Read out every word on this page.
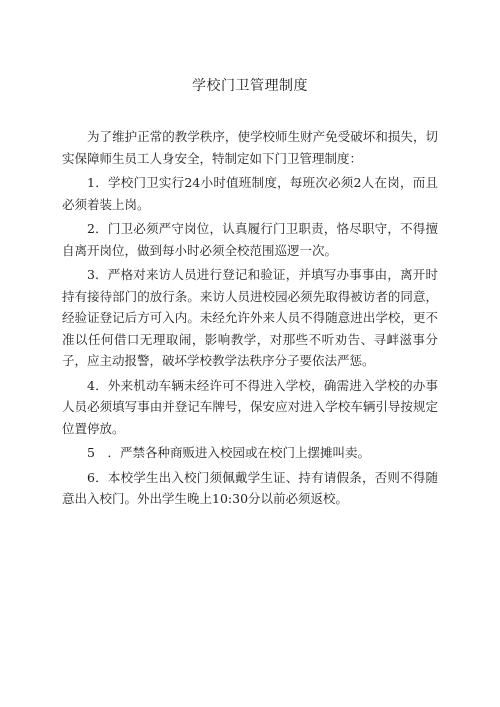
学校门卫管理制度

为了维护正常的教学秩序，使学校师生财产免受破坏和损失，切实保障师生员工人身安全，特制定如下门卫管理制度：

1．学校门卫实行24小时值班制度，每班次必须2人在岗，而且必须着装上岗。

2．门卫必须严守岗位，认真履行门卫职责，恪尽职守，不得擅自离开岗位，做到每小时必须全校范围巡逻一次。

3．严格对来访人员进行登记和验证，并填写办事事由，离开时持有接待部门的放行条。来访人员进校园必须先取得被访者的同意，经验证登记后方可入内。未经允许外来人员不得随意进出学校，更不准以任何借口无理取闹，影响教学，对那些不听劝告、寻衅滋事分子，应主动报警，破坏学校教学法秩序分子要依法严惩。

4．外来机动车辆未经许可不得进入学校，确需进入学校的办事人员必须填写事由并登记车牌号，保安应对进入学校车辆引导按规定位置停放。

5　．严禁各种商贩进入校园或在校门上摆摊叫卖。

6．本校学生出入校门须佩戴学生证、持有请假条，否则不得随意出入校门。外出学生晚上10:30分以前必须返校。
